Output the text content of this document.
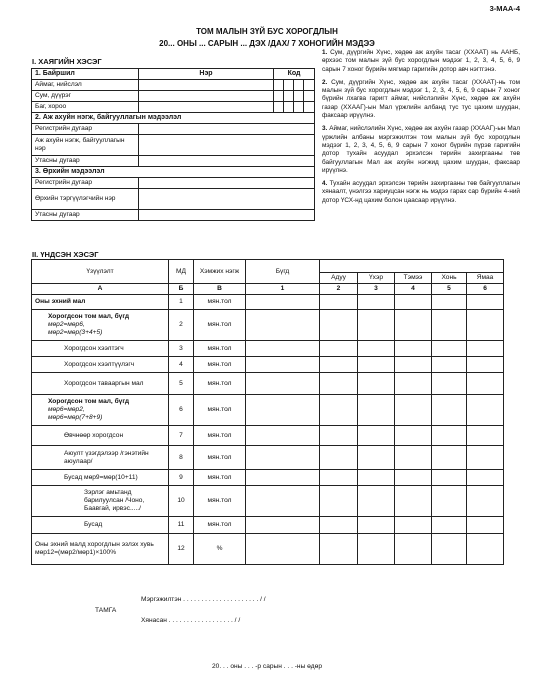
3-МАА-4
ТОМ МАЛЫН ЗҮЙ БУС ХОРОГДЛЫН
20... ОНЫ ... САРЫН ... ДЭХ /ДАХ/ 7 ХОНОГИЙН МЭДЭЭ
I. ХАЯГИЙН ХЭСЭГ
1. Байршил	Нэр	Код			
Аймаг, нийслэл					
Сум, дүүрэг					
Баг, хороо					
2. Аж ахуйн нэгж, байгууллагын мэдээлэл					
Регистрийн дугаар					
Аж ахуйн нэгж, байгууллагын нэр					
Утасны дугаар					
3. Өрхийн мэдээлэл					
Регистрийн дугаар					
Өрхийн тэргүүлэгчийн нэр					
Утасны дугаар					

1. Сум, дүүргийн Хүнс, хөдөө аж ахуйн тасаг (ХХААТ) нь ААНБ, өрхээс том малын зүй бус хорогдлын мэдээг 1, 2, 3, 4, 5, 6, 9 сарын 7 хоног бүрийн мягмар гаригийн дотор авч нэгтгэнэ.

2. Сум, дүүргийн Хүнс, хөдөө аж ахуйн тасаг (ХХААТ)-нь том малын зүй бус хорогдлын мэдээг 1, 2, 3, 4, 5, 6, 9 сарын 7 хоног бүрийн лхагва гаригт аймаг, нийслэлийн Хүнс, хөдөө аж ахуйн газар (ХХААГ)-ын Мал үржлийн албанд тус тус цахим шуудан, факсаар ирүүлнэ.

3. Аймаг, нийслэлийн Хүнс, хөдөө аж ахуйн газар (ХХААГ)-ын Мал үржлийн албаны мэргэжилтэн том малын зүй бус хорогдлын мэдээг 1, 2, 3, 4, 5, 6, 9 сарын 7 хоног бүрийн пүрэв гаригийн дотор тухайн асуудал эрхэлсэн төрийн захиргааны төв байгууллагын Мал аж ахуйн нэгжид цахим шуудан, факсаар ирүүлнэ.

4. Тухайн асуудал эрхэлсэн төрийн захиргааны төв байгууллагын хянаалт, үнэлгээ хариуцсан нэгж нь мэдээ гарах сар бүрийн 4-ний дотор ҮСХ-нд цахим болон цаасаар ирүүлнэ.

II. ҮНДСЭН ХЭСЭГ
Үзүүлэлт	МД	Хэмжих нэгж	Бүгд					
				Адуу	Үхэр	Тэмээ	Хонь	Ямаа
А	Б	В	1	2	3	4	5	6
Оны эхний мал	1	мян.тол						
Хорогдсон том мал, бүгд
мөр2=мөр6,
мөр2=мөр(3+4+5)	2	мян.тол						
Хорогдсон хээлтэгч	3	мян.тол						
Хорогдсон хээлтүүлэгч	4	мян.тол						
Хорогдсон тавааргын мал	5	мян.тол						
Хорогдсон том мал, бүгд
мөр6=мөр2,
мөр6=мөр(7+8+9)	6	мян.тол						
Өвчнөөр хорогдсон	7	мян.тол						
Аюулт үзэгдэлээр /гэнэтийн аюулаар/	8	мян.тол						
Бусад мөр9=мөр(10+11)	9	мян.тол						
Зэрлэг амьтанд барилуулсан /Чоно, Баавгай, ирвэс...../	10	мян.тол						
Бусад	11	мян.тол						
Оны эхний малд хорогдлын эзлэх хувь мөр12=(мөр2/мөр1)×100%	12	%						
Мэргэжилтэн . . . . . . . . . . . . . . . . . . . . . / /
ТАМГА
Хянасан . . . . . . . . . . . . . . . . . . / /
20. . . оны . . . -р сарын . . . -ны өдөр
